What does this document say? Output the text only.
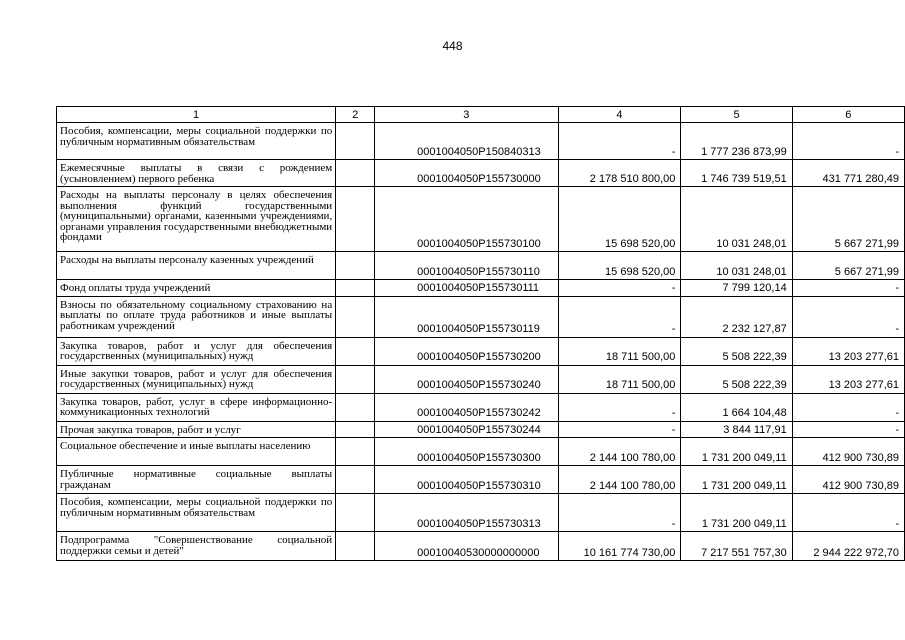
448
1	2	3	4	5	6
Пособия, компенсации, меры социальной поддержки по публичным нормативным обязательствам		0001004050P150840313	-	1 777 236 873,99	-
Ежемесячные выплаты в связи с рождением (усыновлением) первого ребенка		0001004050P155730000	2 178 510 800,00	1 746 739 519,51	431 771 280,49
Расходы на выплаты персоналу в целях обеспечения выполнения функций государственными (муниципальными) органами, казенными учреждениями, органами управления государственными внебюджетными фондами		0001004050P155730100	15 698 520,00	10 031 248,01	5 667 271,99
Расходы на выплаты персоналу казенных учреждений		0001004050P155730110	15 698 520,00	10 031 248,01	5 667 271,99
Фонд оплаты труда учреждений		0001004050P155730111	-	7 799 120,14	-
Взносы по обязательному социальному страхованию на выплаты по оплате труда работников и иные выплаты работникам учреждений		0001004050P155730119	-	2 232 127,87	-
Закупка товаров, работ и услуг для обеспечения государственных (муниципальных) нужд		0001004050P155730200	18 711 500,00	5 508 222,39	13 203 277,61
Иные закупки товаров, работ и услуг для обеспечения государственных (муниципальных) нужд		0001004050P155730240	18 711 500,00	5 508 222,39	13 203 277,61
Закупка товаров, работ, услуг в сфере информационно-коммуникационных технологий		0001004050P155730242	-	1 664 104,48	-
Прочая закупка товаров, работ и услуг		0001004050P155730244	-	3 844 117,91	-
Социальное обеспечение и иные выплаты населению		0001004050P155730300	2 144 100 780,00	1 731 200 049,11	412 900 730,89
Публичные нормативные социальные выплаты гражданам		0001004050P155730310	2 144 100 780,00	1 731 200 049,11	412 900 730,89
Пособия, компенсации, меры социальной поддержки по публичным нормативным обязательствам		0001004050P155730313	-	1 731 200 049,11	-
Подпрограмма "Совершенствование социальной поддержки семьи и детей"		00010040530000000000	10 161 774 730,00	7 217 551 757,30	2 944 222 972,70
